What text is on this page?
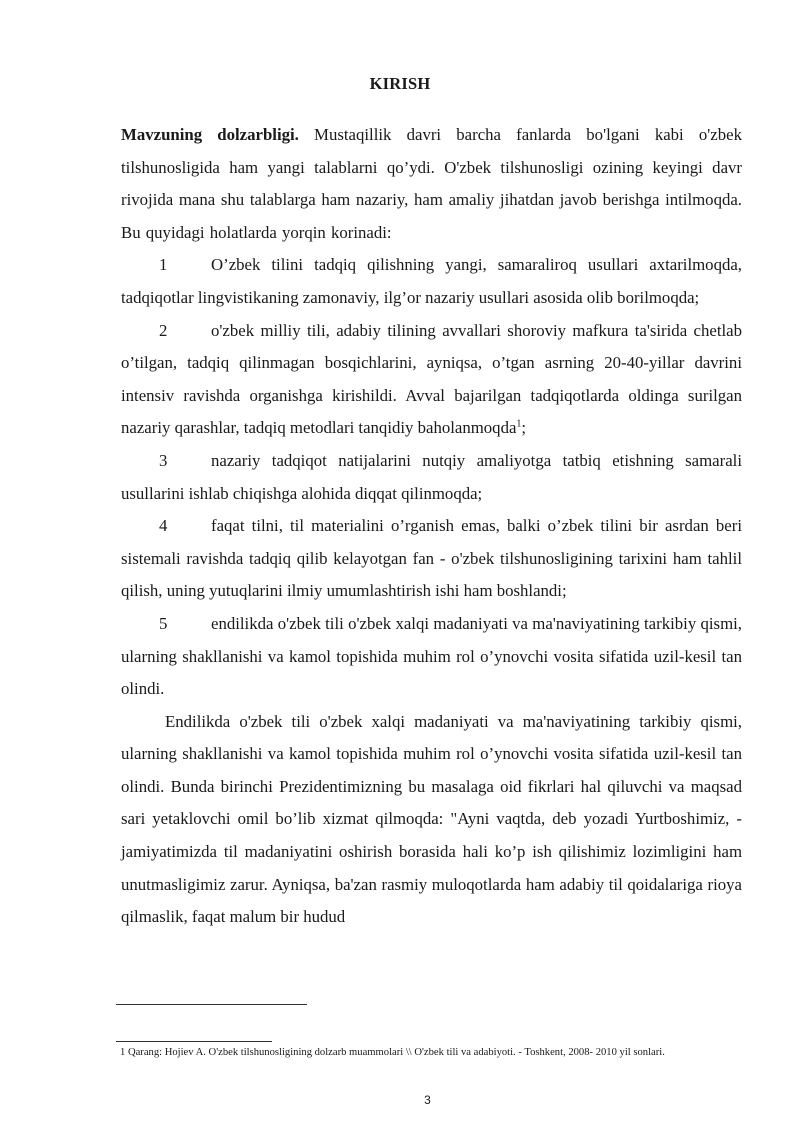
KIRISH

Mavzuning dolzarbligi. Mustaqillik davri barcha fanlarda bo'lgani kabi o'zbek tilshunosligida ham yangi talablarni qo’ydi. O'zbek tilshunosligi ozining keyingi davr rivojida mana shu talablarga ham nazariy, ham amaliy jihatdan javob berishga intilmoqda. Bu quyidagi holatlarda yorqin korinadi:

1	O’zbek tilini tadqiq qilishning yangi, samaraliroq usullari axtarilmoqda, tadqiqotlar lingvistikaning zamonaviy, ilg’or nazariy usullari asosida olib borilmoqda;

2	o'zbek milliy tili, adabiy tilining avvallari shoroviy mafkura ta'sirida chetlab o’tilgan, tadqiq qilinmagan bosqichlarini, ayniqsa, o’tgan asrning 20-40-yillar davrini intensiv ravishda organishga kirishildi. Avval bajarilgan tadqiqotlarda oldinga surilgan nazariy qarashlar, tadqiq metodlari tanqidiy baholanmoqda$^1$;

3	nazariy tadqiqot natijalarini nutqiy amaliyotga tatbiq etishning samarali usullarini ishlab chiqishga alohida diqqat qilinmoqda;

4	faqat tilni, til materialini o’rganish emas, balki o’zbek tilini bir asrdan beri sistemali ravishda tadqiq qilib kelayotgan fan - o'zbek tilshunosligining tarixini ham tahlil qilish, uning yutuqlarini ilmiy umumlashtirish ishi ham boshlandi;

5	endilikda o'zbek tili o'zbek xalqi madaniyati va ma'naviyatining tarkibiy qismi, ularning shakllanishi va kamol topishida muhim rol o’ynovchi vosita sifatida uzil-kesil tan olindi.

Endilikda o'zbek tili o'zbek xalqi madaniyati va ma'naviyatining tarkibiy qismi, ularning shakllanishi va kamol topishida muhim rol o’ynovchi vosita sifatida uzil-kesil tan olindi. Bunda birinchi Prezidentimizning bu masalaga oid fikrlari hal qiluvchi va maqsad sari yetaklovchi omil bo’lib xizmat qilmoqda: "Ayni vaqtda, deb yozadi Yurtboshimiz, - jamiyatimizda til madaniyatini oshirish borasida hali ko’p ish qilishimiz lozimligini ham unutmasligimiz zarur. Ayniqsa, ba'zan rasmiy muloqotlarda ham adabiy til qoidalariga rioya qilmaslik, faqat malum bir hudud

1 Qarang: Hojiev A. O'zbek tilshunosligining dolzarb muammolari \\ O'zbek tili va adabiyoti. - Toshkent, 2008- 2010 yil sonlari.
3
